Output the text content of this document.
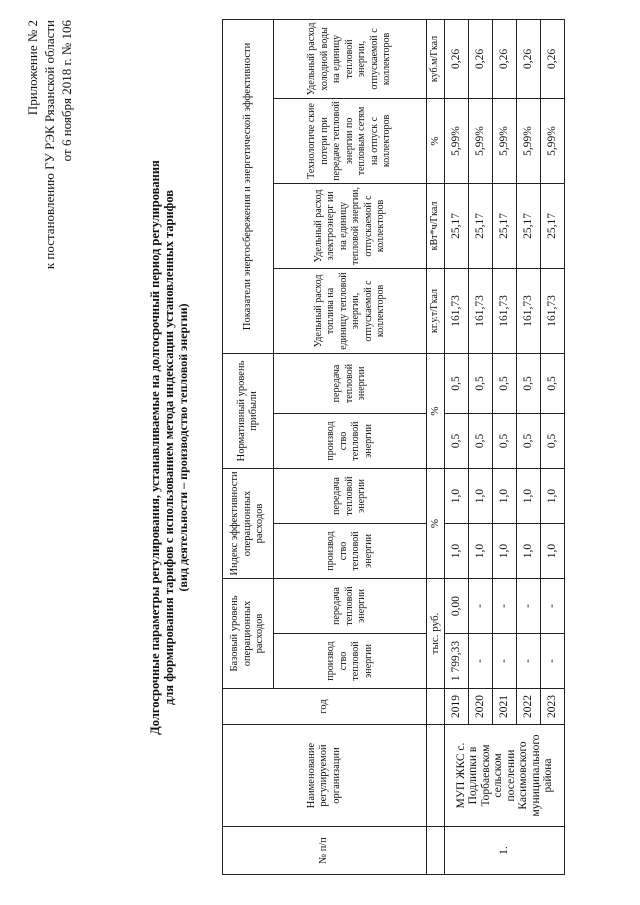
Приложение № 2 к постановлению ГУ РЭК Рязанской области от 6 ноября 2018 г. № 106
Долгосрочные параметры регулирования, устанавливаемые на долгосрочный период регулирования для формирования тарифов с использованием метода индексации установленных тарифов (вид деятельности – производство тепловой энергии)
№ п/п	Наименование регулируемой организации	год	Базовый уровень операционных расходов		Индекс эффективности операционных расходов		Нормативный уровень прибыли		Показатели энергосбережения и энергетической эффективности			
			производ ство тепловой энергии	передача тепловой энергии	производ ство тепловой энергии	передача тепловой энергии	производ ство тепловой энергии	передача тепловой энергии	Удельный расход топлива на единицу тепловой энергии, отпускаемой с коллекторов	Удельный расход электроэнерг ии на единицу тепловой энергии, отпускаемой с коллекторов	Технологиче ские потери при передаче тепловой энергии по тепловым сетям на отпуск с коллекторов	Удельный расход холодной воды на единицу тепловой энергии, отпускаемой с коллекторов

			тыс. руб.		%		%		кг.у.т/Гкал	кВт*ч/Гкал	%	куб.м/Гкал
1.	МУП ЖКС с. Подлипки в Торбаевском сельском поселении Касимовского муниципального района	2019	1 799,33	0,00	1,0	1,0	0,5	0,5	161,73	25,17	5,99%	0,26
		2020	-	-	1,0	1,0	0,5	0,5	161,73	25,17	5,99%	0,26
		2021	-	-	1,0	1,0	0,5	0,5	161,73	25,17	5,99%	0,26
		2022	-	-	1,0	1,0	0,5	0,5	161,73	25,17	5,99%	0,26
		2023	-	-	1,0	1,0	0,5	0,5	161,73	25,17	5,99%	0,26
